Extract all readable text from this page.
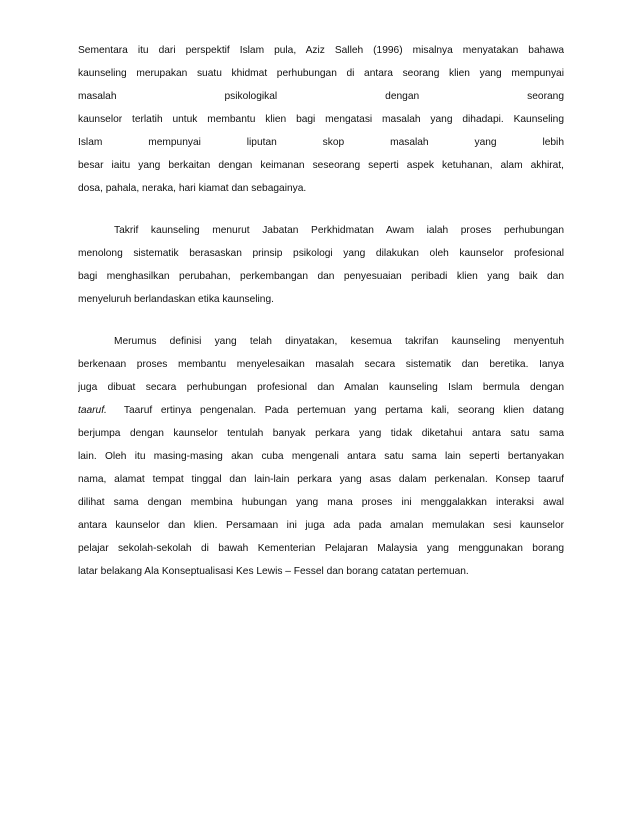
Sementara itu dari perspektif Islam pula, Aziz Salleh (1996) misalnya menyatakan bahawa
kaunseling merupakan suatu khidmat perhubungan di antara seorang klien yang mempunyai
masalah psikologikal dengan seorang
kaunselor terlatih untuk membantu klien bagi mengatasi masalah yang dihadapi. Kaunseling
Islam mempunyai liputan skop masalah yang lebih
besar iaitu yang berkaitan dengan keimanan seseorang seperti aspek ketuhanan, alam akhirat,
dosa, pahala, neraka, hari kiamat dan sebagainya.
Takrif kaunseling menurut Jabatan Perkhidmatan Awam ialah proses perhubungan
menolong sistematik berasaskan prinsip psikologi yang dilakukan oleh kaunselor profesional
bagi menghasilkan perubahan, perkembangan dan penyesuaian peribadi klien yang baik dan
menyeluruh berlandaskan etika kaunseling.
Merumus definisi yang telah dinyatakan, kesemua takrifan kaunseling menyentuh
berkenaan proses membantu menyelesaikan masalah secara sistematik dan beretika. Ianya
juga dibuat secara perhubungan profesional dan Amalan kaunseling Islam bermula dengan
taaruf. Taaruf ertinya pengenalan. Pada pertemuan yang pertama kali, seorang klien datang
berjumpa dengan kaunselor tentulah banyak perkara yang tidak diketahui antara satu sama
lain. Oleh itu masing-masing akan cuba mengenali antara satu sama lain seperti bertanyakan
nama, alamat tempat tinggal dan lain-lain perkara yang asas dalam perkenalan. Konsep taaruf
dilihat sama dengan membina hubungan yang mana proses ini menggalakkan interaksi awal
antara kaunselor dan klien. Persamaan ini juga ada pada amalan memulakan sesi kaunselor
pelajar sekolah-sekolah di bawah Kementerian Pelajaran Malaysia yang menggunakan borang
latar belakang Ala Konseptualisasi Kes Lewis – Fessel dan borang catatan pertemuan.
